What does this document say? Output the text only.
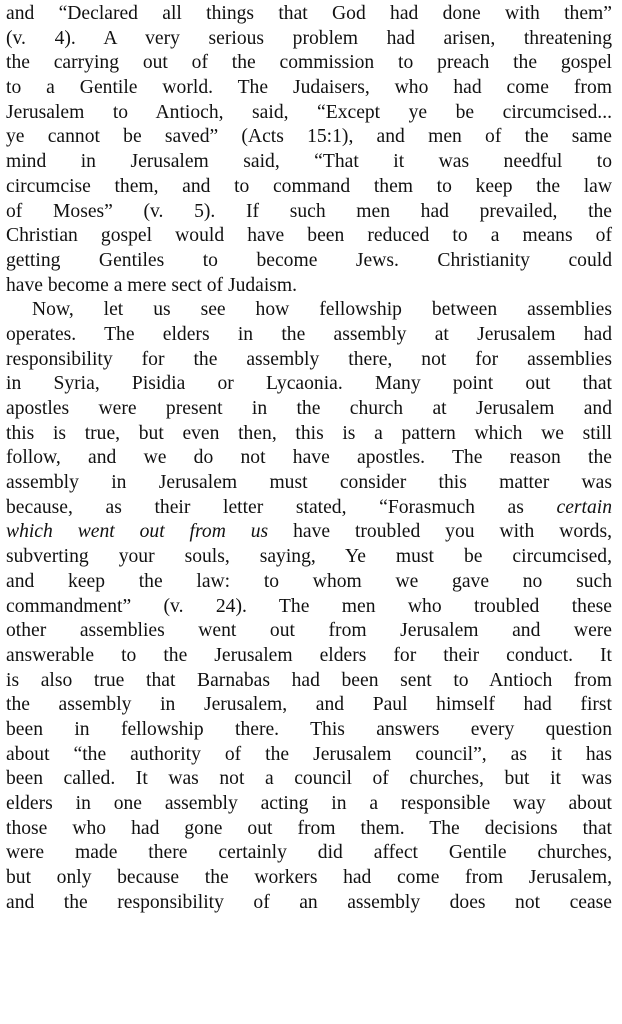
and “Declared all things that God had done with them”
(v. 4). A very serious problem had arisen, threatening
the carrying out of the commission to preach the gospel
to a Gentile world. The Judaisers, who had come from
Jerusalem to Antioch, said, “Except ye be circumcised...
ye cannot be saved” (Acts 15:1), and men of the same
mind in Jerusalem said, “That it was needful to
circumcise them, and to command them to keep the law
of Moses” (v. 5). If such men had prevailed, the
Christian gospel would have been reduced to a means of
getting Gentiles to become Jews. Christianity could
have become a mere sect of Judaism.
Now, let us see how fellowship between assemblies
operates. The elders in the assembly at Jerusalem had
responsibility for the assembly there, not for assemblies
in Syria, Pisidia or Lycaonia. Many point out that
apostles were present in the church at Jerusalem and
this is true, but even then, this is a pattern which we still
follow, and we do not have apostles. The reason the
assembly in Jerusalem must consider this matter was
because, as their letter stated, “Forasmuch as certain
which went out from us have troubled you with words,
subverting your souls, saying, Ye must be circumcised,
and keep the law: to whom we gave no such
commandment” (v. 24). The men who troubled these
other assemblies went out from Jerusalem and were
answerable to the Jerusalem elders for their conduct. It
is also true that Barnabas had been sent to Antioch from
the assembly in Jerusalem, and Paul himself had first
been in fellowship there. This answers every question
about “the authority of the Jerusalem council”, as it has
been called. It was not a council of churches, but it was
elders in one assembly acting in a responsible way about
those who had gone out from them. The decisions that
were made there certainly did affect Gentile churches,
but only because the workers had come from Jerusalem,
and the responsibility of an assembly does not cease
